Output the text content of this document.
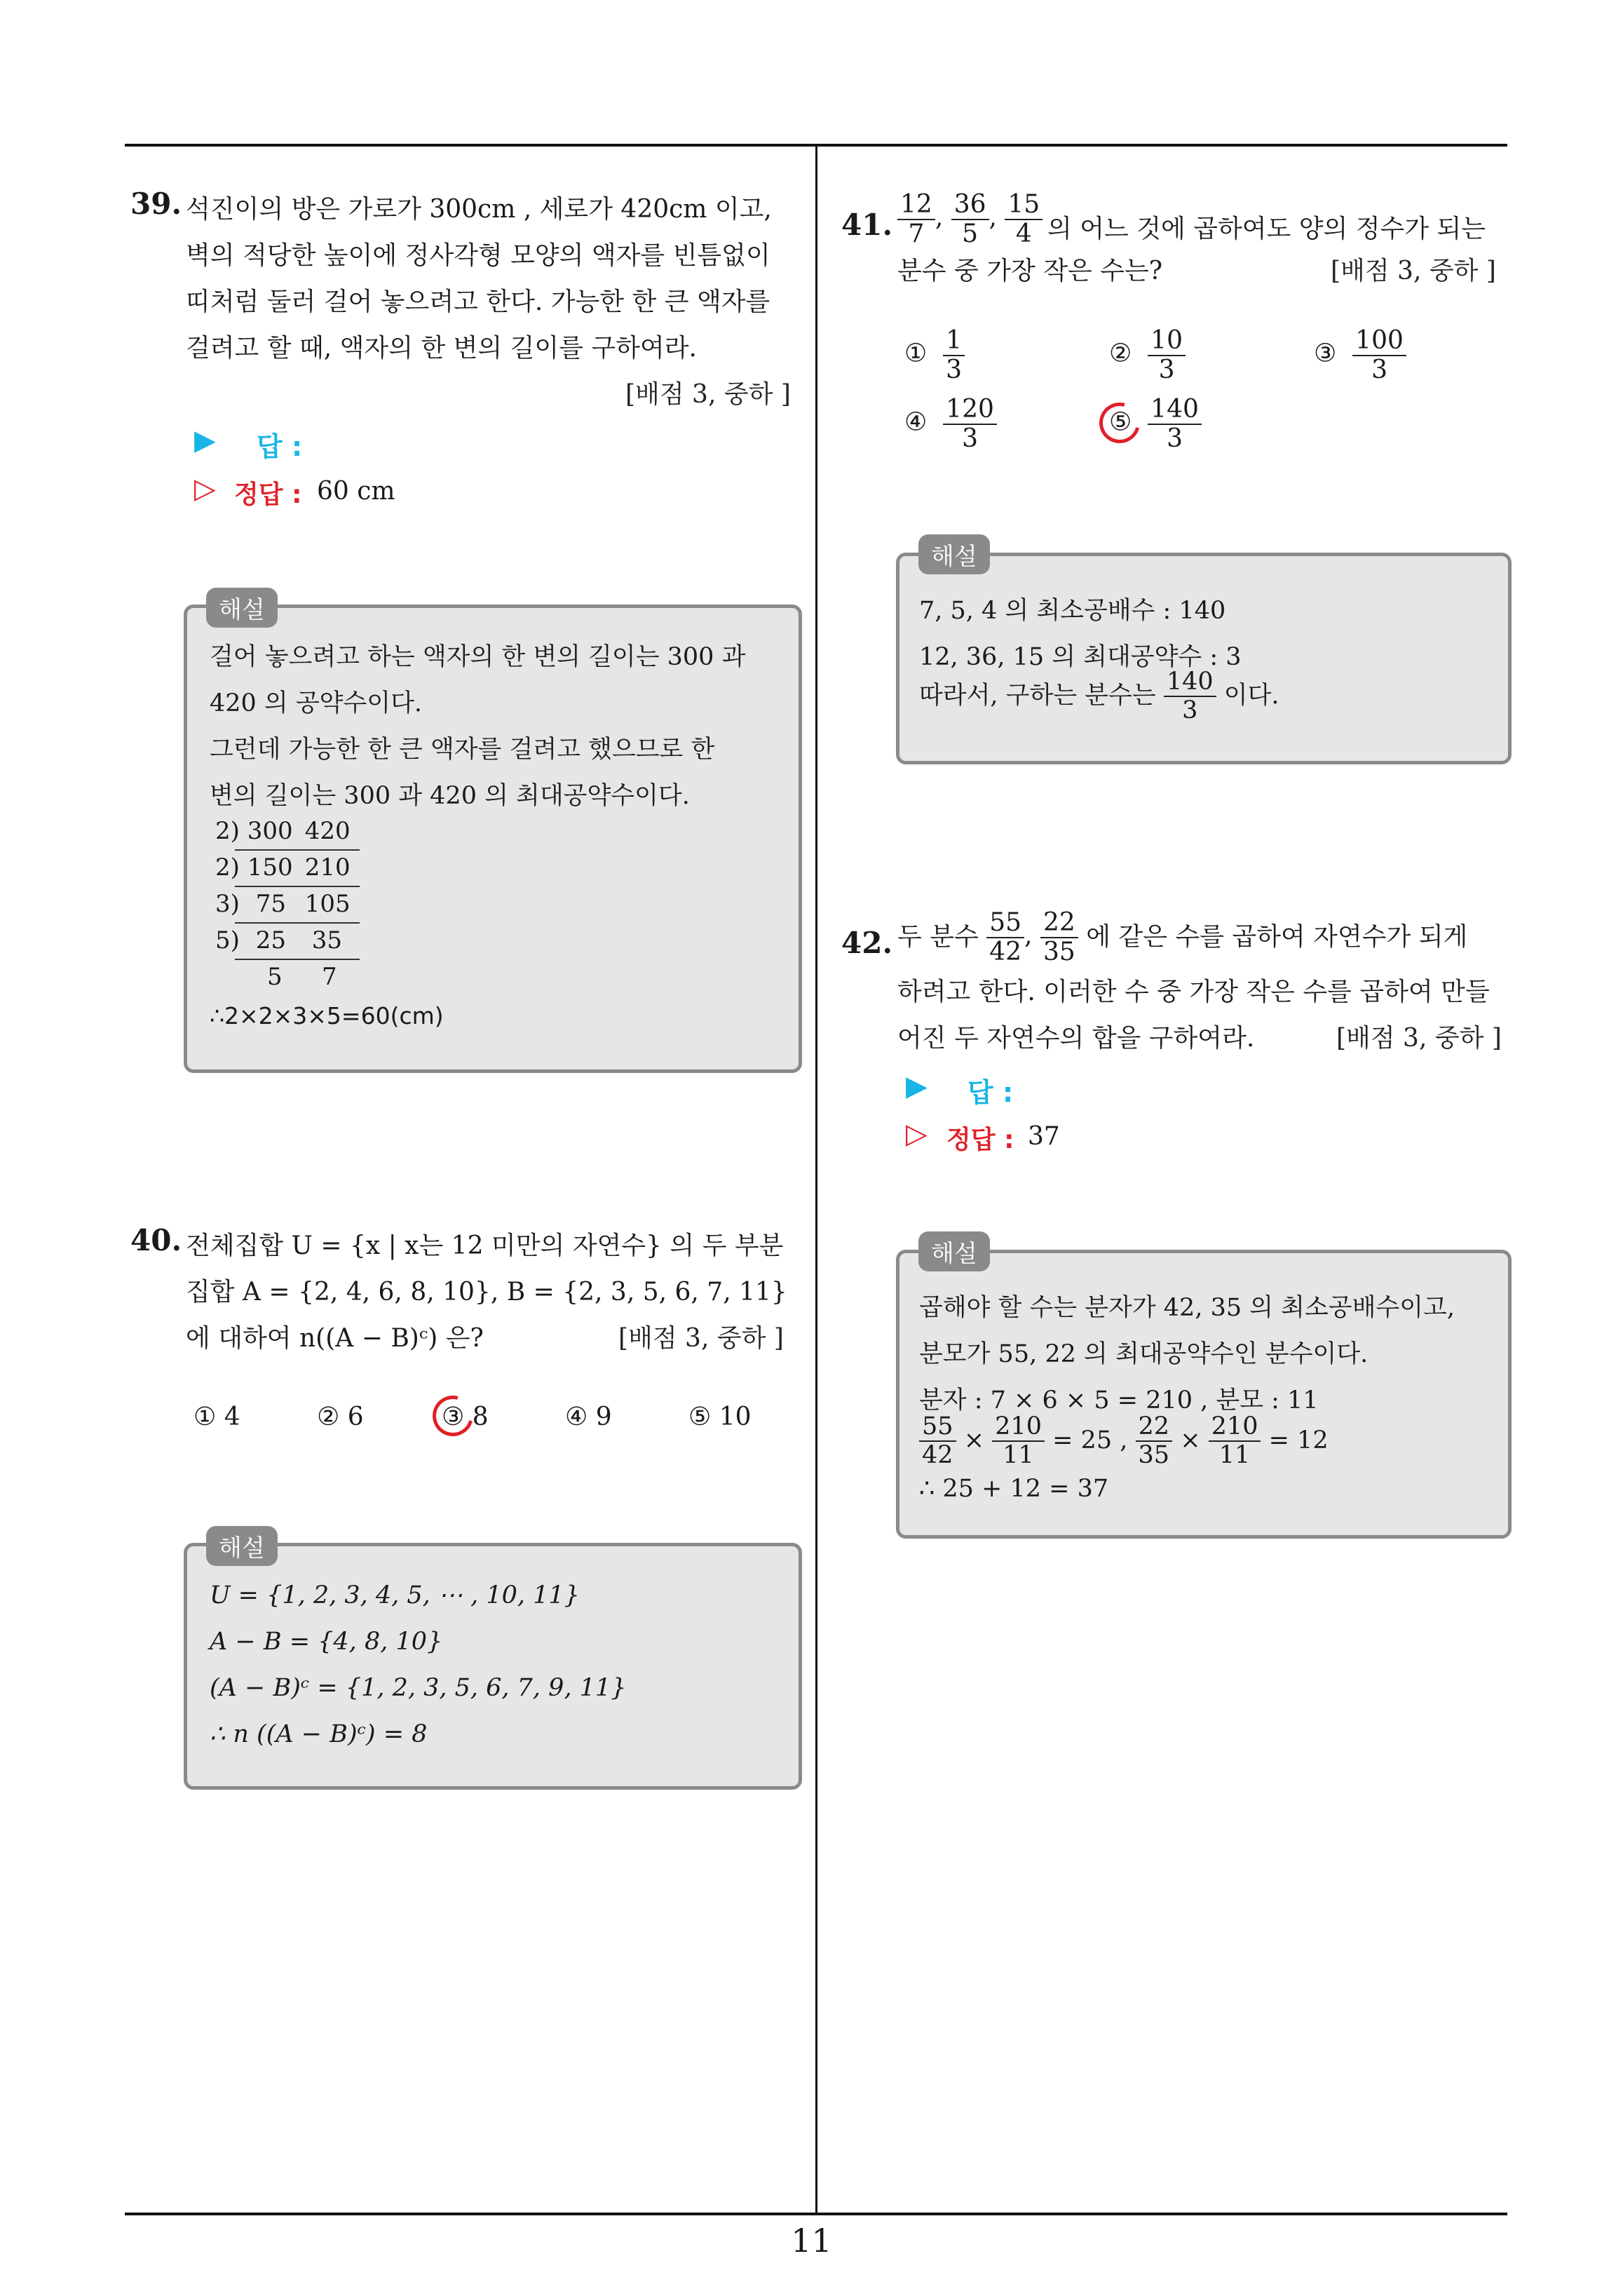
11
39. 석진이의 방은 가로가 300cm , 세로가 420cm 이고,
벽의 적당한 높이에 정사각형 모양의 액자를 빈틈없이
띠처럼 둘러 걸어 놓으려고 한다. 가능한 한 큰 액자를
걸려고 할 때, 액자의 한 변의 길이를 구하여라.
[배점 3, 중하 ]
▶ 답 :
▷ 정답 : 60 cm
걸어 놓으려고 하는 액자의 한 변의 길이는 300 과
420 의 공약수이다.
그런데 가능한 한 큰 액자를 걸려고 했으므로 한
변의 길이는 300 과 420 의 최대공약수이다.
2) 300 420
2) 150 210
3) 75 105
5) 25 35
5 7
∴2×2×3×5=60(cm)
해설
40. 전체집합 U = {x | x는 12 미만의 자연수} 의 두 부분
집합 A = {2, 4, 6, 8, 10}, B = {2, 3, 5, 6, 7, 11}
에 대하여 n((A − B)ᶜ) 은?	[배점 3, 중하 ]
① 4	② 6	③ 8	④ 9	⑤ 10
U = {1, 2, 3, 4, 5, ⋯ , 10, 11}
A − B = {4, 8, 10}
(A − B)ᶜ = {1, 2, 3, 5, 6, 7, 9, 11}
∴ n ((A − B)ᶜ) = 8
해설
41. $\frac{12}{7}$ , $\frac{36}{5}$ , $\frac{15}{4}$ 의 어느 것에 곱하여도 양의 정수가 되는
분수 중 가장 작은 수는?	[배점 3, 중하 ]
① $\frac{1}{3}$	② $\frac{10}{3}$	③ $\frac{100}{3}$
④ $\frac{120}{3}$	⑤ $\frac{140}{3}$
7, 5, 4 의 최소공배수 : 140
12, 36, 15 의 최대공약수 : 3
따라서, 구하는 분수는 $\frac{140}{3}$ 이다.
해설
42. 두 분수 $\frac{55}{42}$ , $\frac{22}{35}$ 에 같은 수를 곱하여 자연수가 되게
하려고 한다. 이러한 수 중 가장 작은 수를 곱하여 만들
어진 두 자연수의 합을 구하여라.	[배점 3, 중하 ]
▶ 답 :
▷ 정답 : 37
곱해야 할 수는 분자가 42, 35 의 최소공배수이고,
분모가 55, 22 의 최대공약수인 분수이다.
분자 : 7 × 6 × 5 = 210 , 분모 : 11
$\frac{55}{42} \times \frac{210}{11} = 25$ , $\frac{22}{35} \times \frac{210}{11} = 12$
∴ 25 + 12 = 37
해설
